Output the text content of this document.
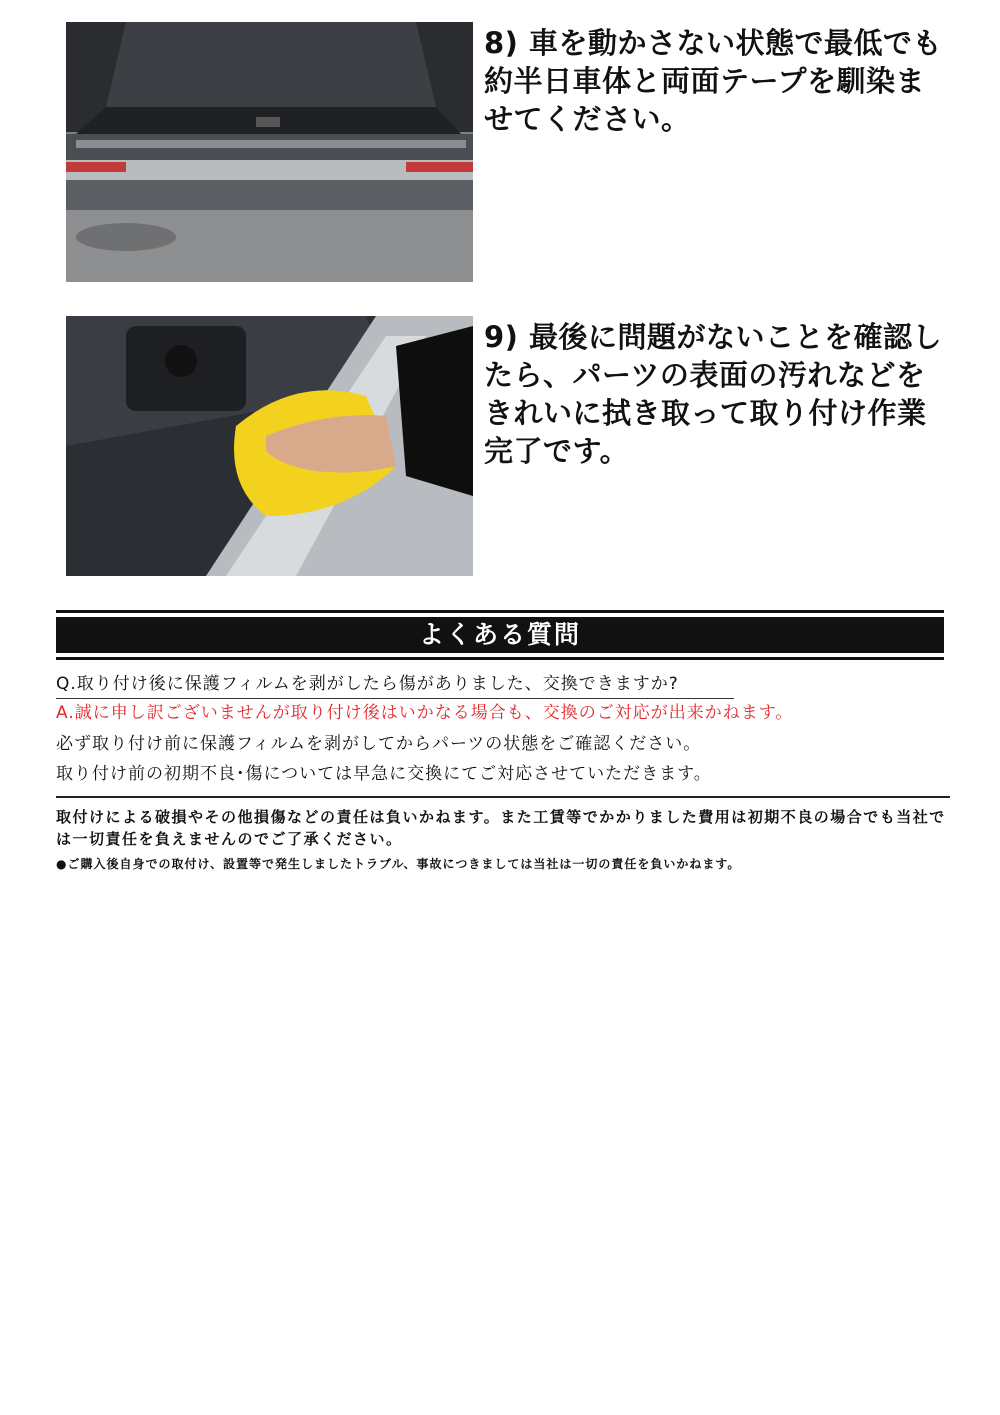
8) 車を動かさない状態で最低でも約半日車体と両面テープを馴染ませてください。

9) 最後に問題がないことを確認したら、パーツの表面の汚れなどをきれいに拭き取って取り付け作業完了です。

よくある質問

Q.取り付け後に保護フィルムを剥がしたら傷がありました、交換できますか?

A.誠に申し訳ございませんが取り付け後はいかなる場合も、交換のご対応が出来かねます。

必ず取り付け前に保護フィルムを剥がしてからパーツの状態をご確認ください。

取り付け前の初期不良･傷については早急に交換にてご対応させていただきます。

取付けによる破損やその他損傷などの責任は負いかねます。また工賃等でかかりました費用は初期不良の場合でも当社では一切責任を負えませんのでご了承ください。

●ご購入後自身での取付け、設置等で発生しましたトラブル、事故につきましては当社は一切の責任を負いかねます。
